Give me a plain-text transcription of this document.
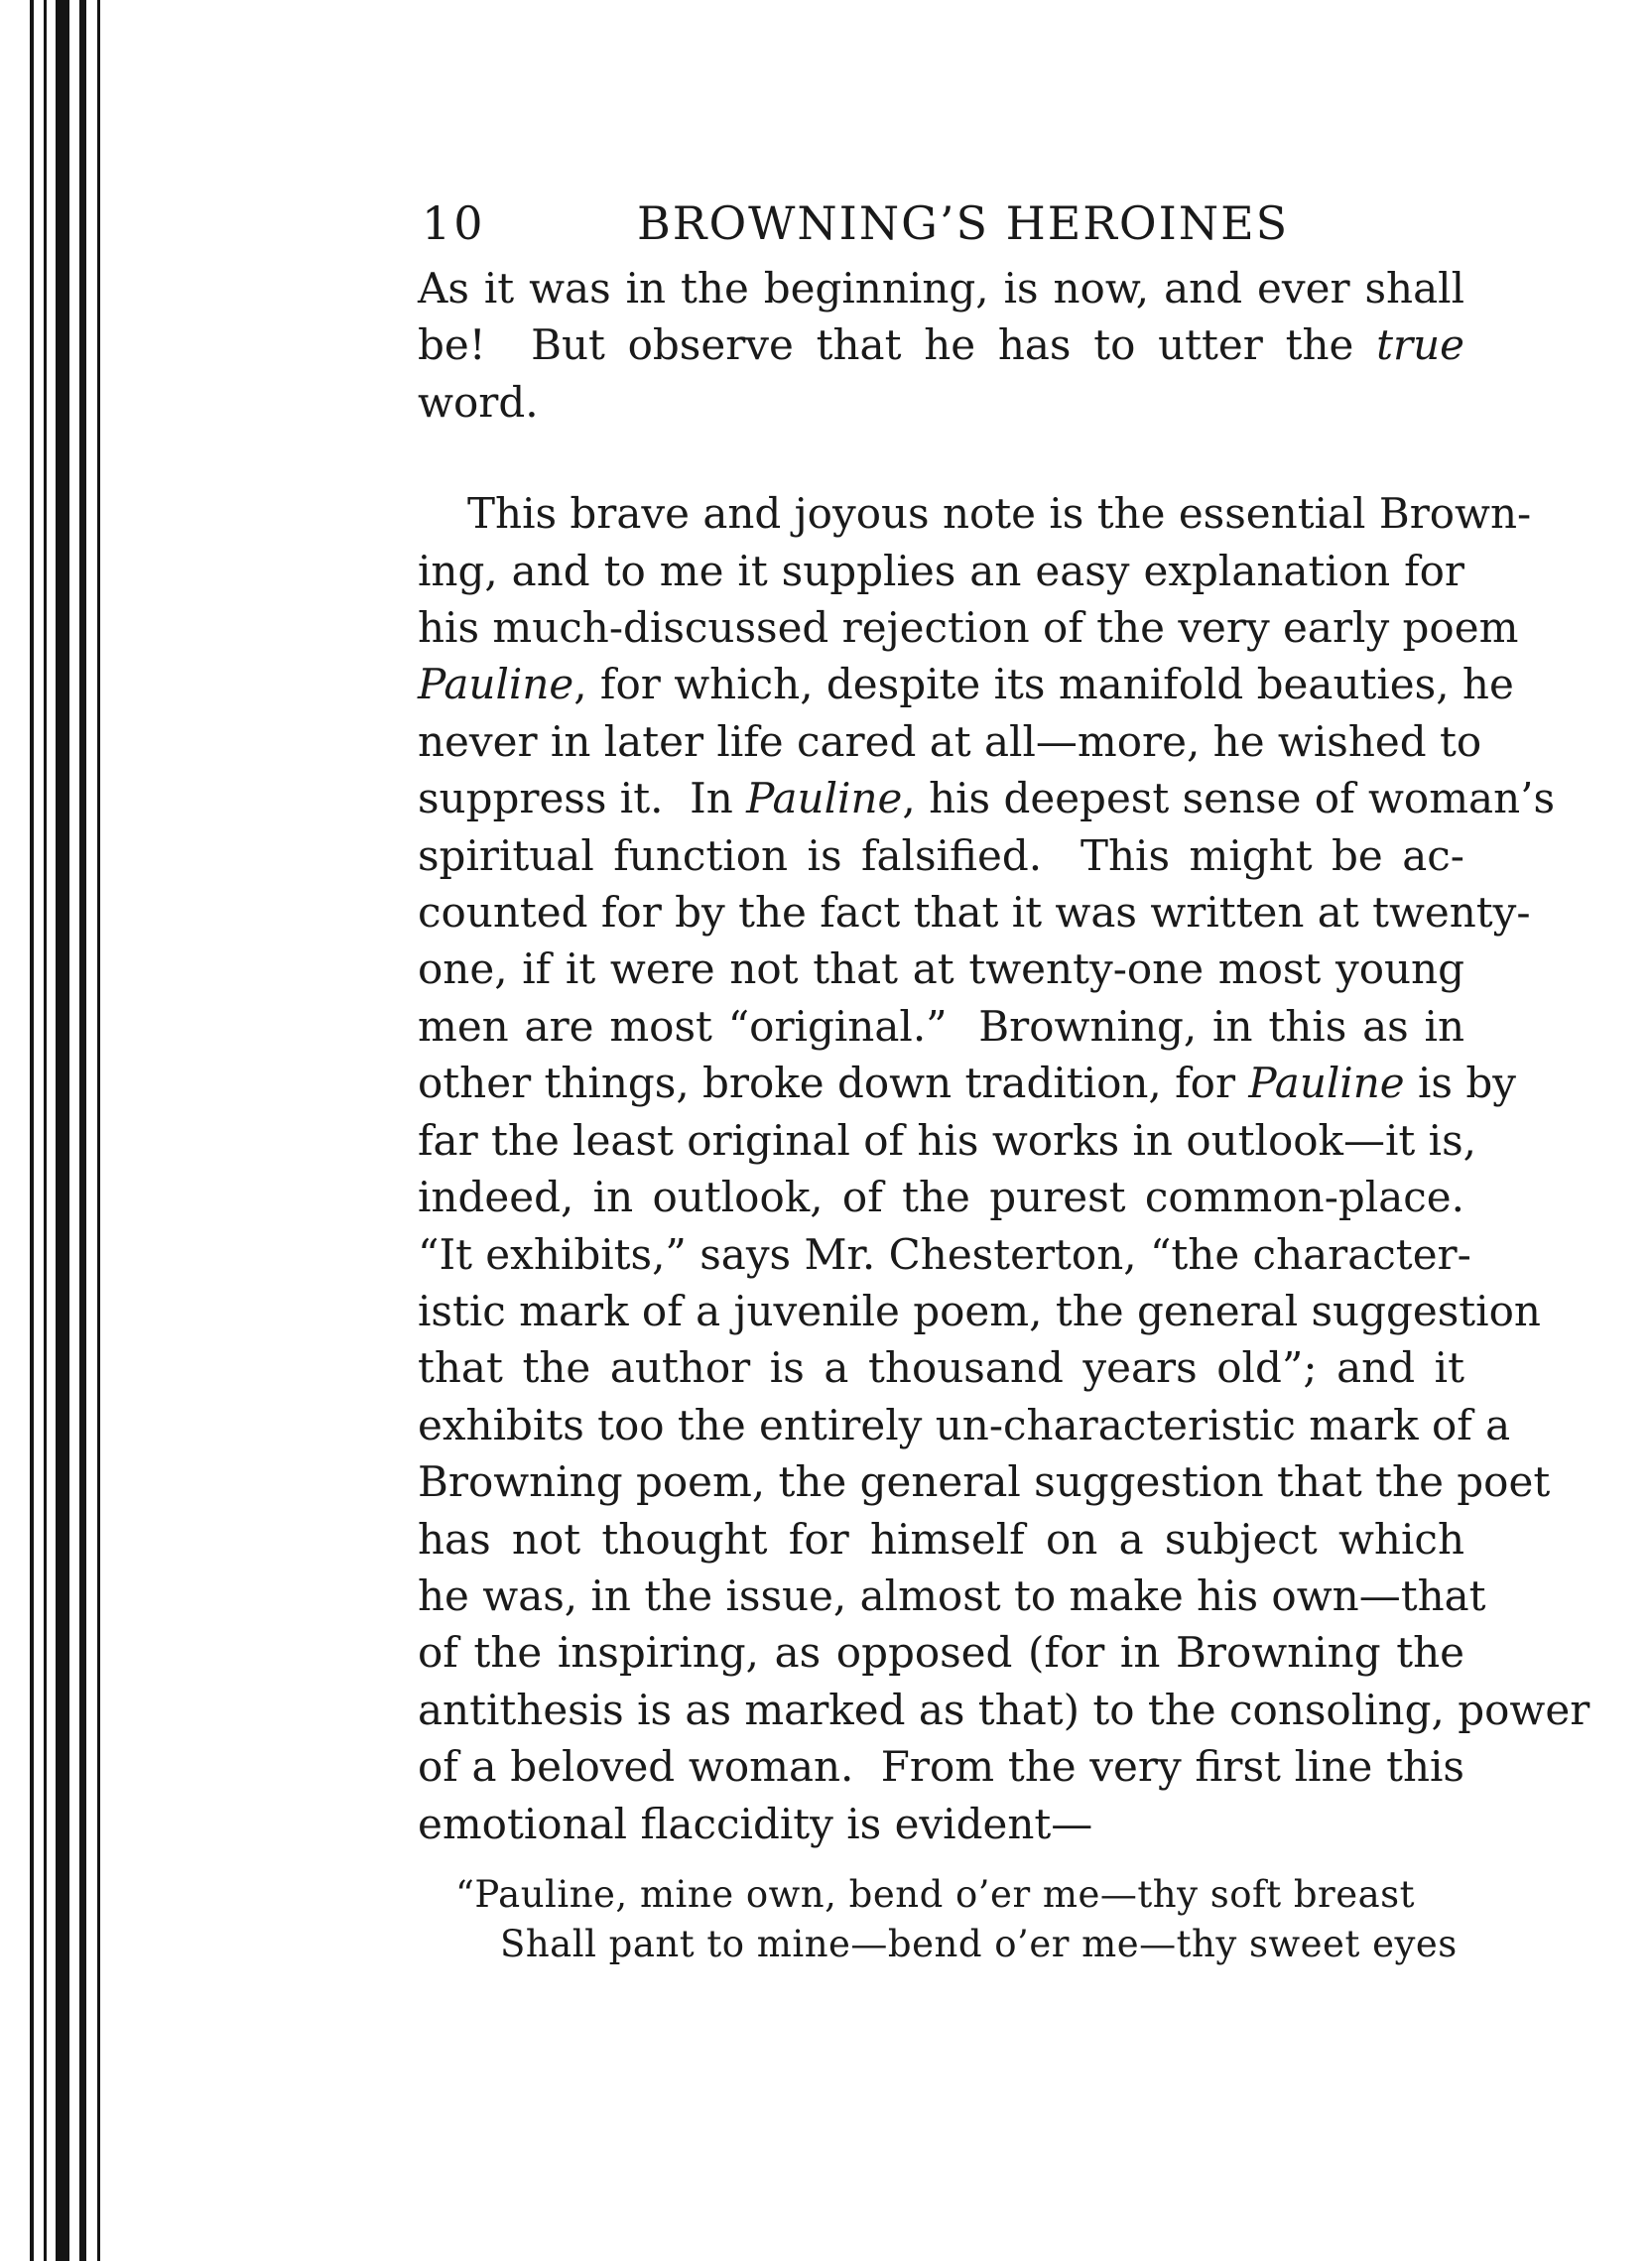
10	BROWNING’S HEROINES
As it was in the beginning, is now, and ever shall
be!  But observe that he has to utter the true
word.
This brave and joyous note is the essential Brown-
ing, and to me it supplies an easy explanation for
his much-discussed rejection of the very early poem
Pauline, for which, despite its manifold beauties, he
never in later life cared at all—more, he wished to
suppress it.  In Pauline, his deepest sense of woman’s
spiritual function is falsified.  This might be ac-
counted for by the fact that it was written at twenty-
one, if it were not that at twenty-one most young
men are most “original.”  Browning, in this as in
other things, broke down tradition, for Pauline is by
far the least original of his works in outlook—it is,
indeed, in outlook, of the purest common-place.
“It exhibits,” says Mr. Chesterton, “the character-
istic mark of a juvenile poem, the general suggestion
that the author is a thousand years old”; and it
exhibits too the entirely un-characteristic mark of a
Browning poem, the general suggestion that the poet
has not thought for himself on a subject which
he was, in the issue, almost to make his own—that
of the inspiring, as opposed (for in Browning the
antithesis is as marked as that) to the consoling, power
of a beloved woman.  From the very first line this
emotional flaccidity is evident—
“Pauline, mine own, bend o’er me—thy soft breast
Shall pant to mine—bend o’er me—thy sweet eyes
